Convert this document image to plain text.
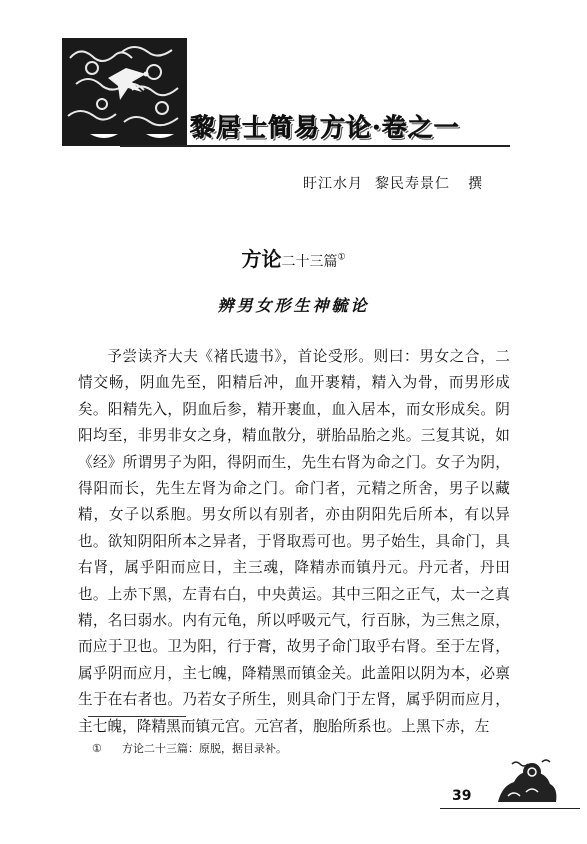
黎居士简易方论·卷之一
盱江水月 黎民寿景仁 撰
方论二十三篇①
辨男女形生神毓论
予尝读齐大夫《褚氏遗书》，首论受形。则曰：男女之合，二情交畅，阴血先至，阳精后冲，血开裹精，精入为骨，而男形成矣。阳精先入，阴血后参，精开裹血，血入居本，而女形成矣。阴阳均至，非男非女之身，精血散分，骈胎品胎之兆。三复其说，如《经》所谓男子为阳，得阴而生，先生右肾为命之门。女子为阴，得阳而长，先生左肾为命之门。命门者，元精之所舍，男子以藏精，女子以系胞。男女所以有别者，亦由阴阳先后所本，有以异也。欲知阴阳所本之异者，于肾取焉可也。男子始生，具命门，具右肾，属乎阳而应日，主三魂，降精赤而镇丹元。丹元者，丹田也。上赤下黑，左青右白，中央黄运。其中三阳之正气，太一之真精，名曰弱水。内有元龟，所以呼吸元气，行百脉，为三焦之原，而应于卫也。卫为阳，行于膏，故男子命门取乎右肾。至于左肾，属乎阴而应月，主七魄，降精黑而镇金关。此盖阳以阴为本，必禀生于在右者也。乃若女子所生，则具命门于左肾，属乎阴而应月，主七魄，降精黑而镇元宫。元宫者，胞胎所系也。上黑下赤，左
① 方论二十三篇：原脱，据目录补。
39
